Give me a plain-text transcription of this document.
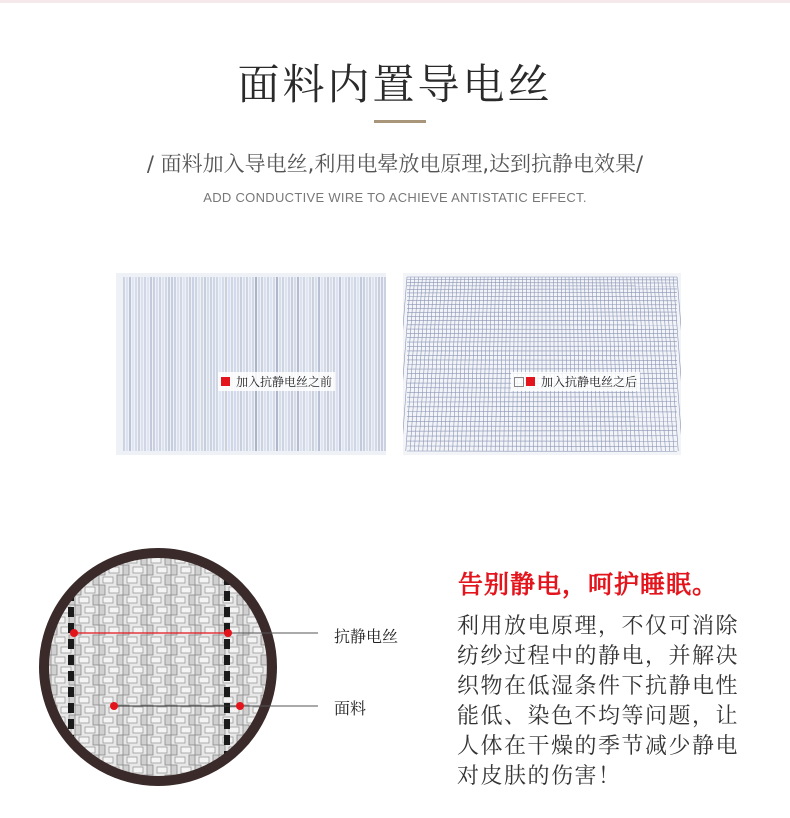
面料内置导电丝
/ 面料加入导电丝,利用电晕放电原理,达到抗静电效果/
ADD CONDUCTIVE WIRE TO ACHIEVE ANTISTATIC EFFECT.
加入抗静电丝之前	加入抗静电丝之后
抗静电丝
面料
告别静电，呵护睡眠。
利用放电原理，不仅可消除
纺纱过程中的静电，并解决
织物在低湿条件下抗静电性
能低、染色不均等问题，让
人体在干燥的季节减少静电
对皮肤的伤害！
